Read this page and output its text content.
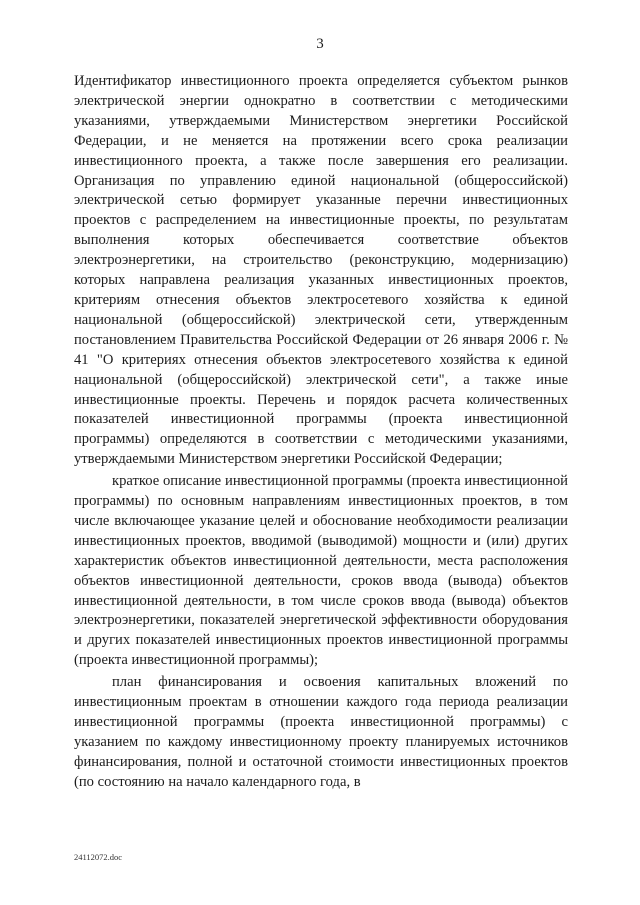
3

Идентификатор инвестиционного проекта определяется субъектом рынков электрической энергии однократно в соответствии с методическими указаниями, утверждаемыми Министерством энергетики Российской Федерации, и не меняется на протяжении всего срока реализации инвестиционного проекта, а также после завершения его реализации. Организация по управлению единой национальной (общероссийской) электрической сетью формирует указанные перечни инвестиционных проектов с распределением на инвестиционные проекты, по результатам выполнения которых обеспечивается соответствие объектов электроэнергетики, на строительство (реконструкцию, модернизацию) которых направлена реализация указанных инвестиционных проектов, критериям отнесения объектов электросетевого хозяйства к единой национальной (общероссийской) электрической сети, утвержденным постановлением Правительства Российской Федерации от 26 января 2006 г. № 41 "О критериях отнесения объектов электросетевого хозяйства к единой национальной (общероссийской) электрической сети", а также иные инвестиционные проекты. Перечень и порядок расчета количественных показателей инвестиционной программы (проекта инвестиционной программы) определяются в соответствии с методическими указаниями, утверждаемыми Министерством энергетики Российской Федерации;

краткое описание инвестиционной программы (проекта инвестиционной программы) по основным направлениям инвестиционных проектов, в том числе включающее указание целей и обоснование необходимости реализации инвестиционных проектов, вводимой (выводимой) мощности и (или) других характеристик объектов инвестиционной деятельности, места расположения объектов инвестиционной деятельности, сроков ввода (вывода) объектов инвестиционной деятельности, в том числе сроков ввода (вывода) объектов электроэнергетики, показателей энергетической эффективности оборудования и других показателей инвестиционных проектов инвестиционной программы (проекта инвестиционной программы);

план финансирования и освоения капитальных вложений по инвестиционным проектам в отношении каждого года периода реализации инвестиционной программы (проекта инвестиционной программы) с указанием по каждому инвестиционному проекту планируемых источников финансирования, полной и остаточной стоимости инвестиционных проектов (по состоянию на начало календарного года, в

24112072.doc
